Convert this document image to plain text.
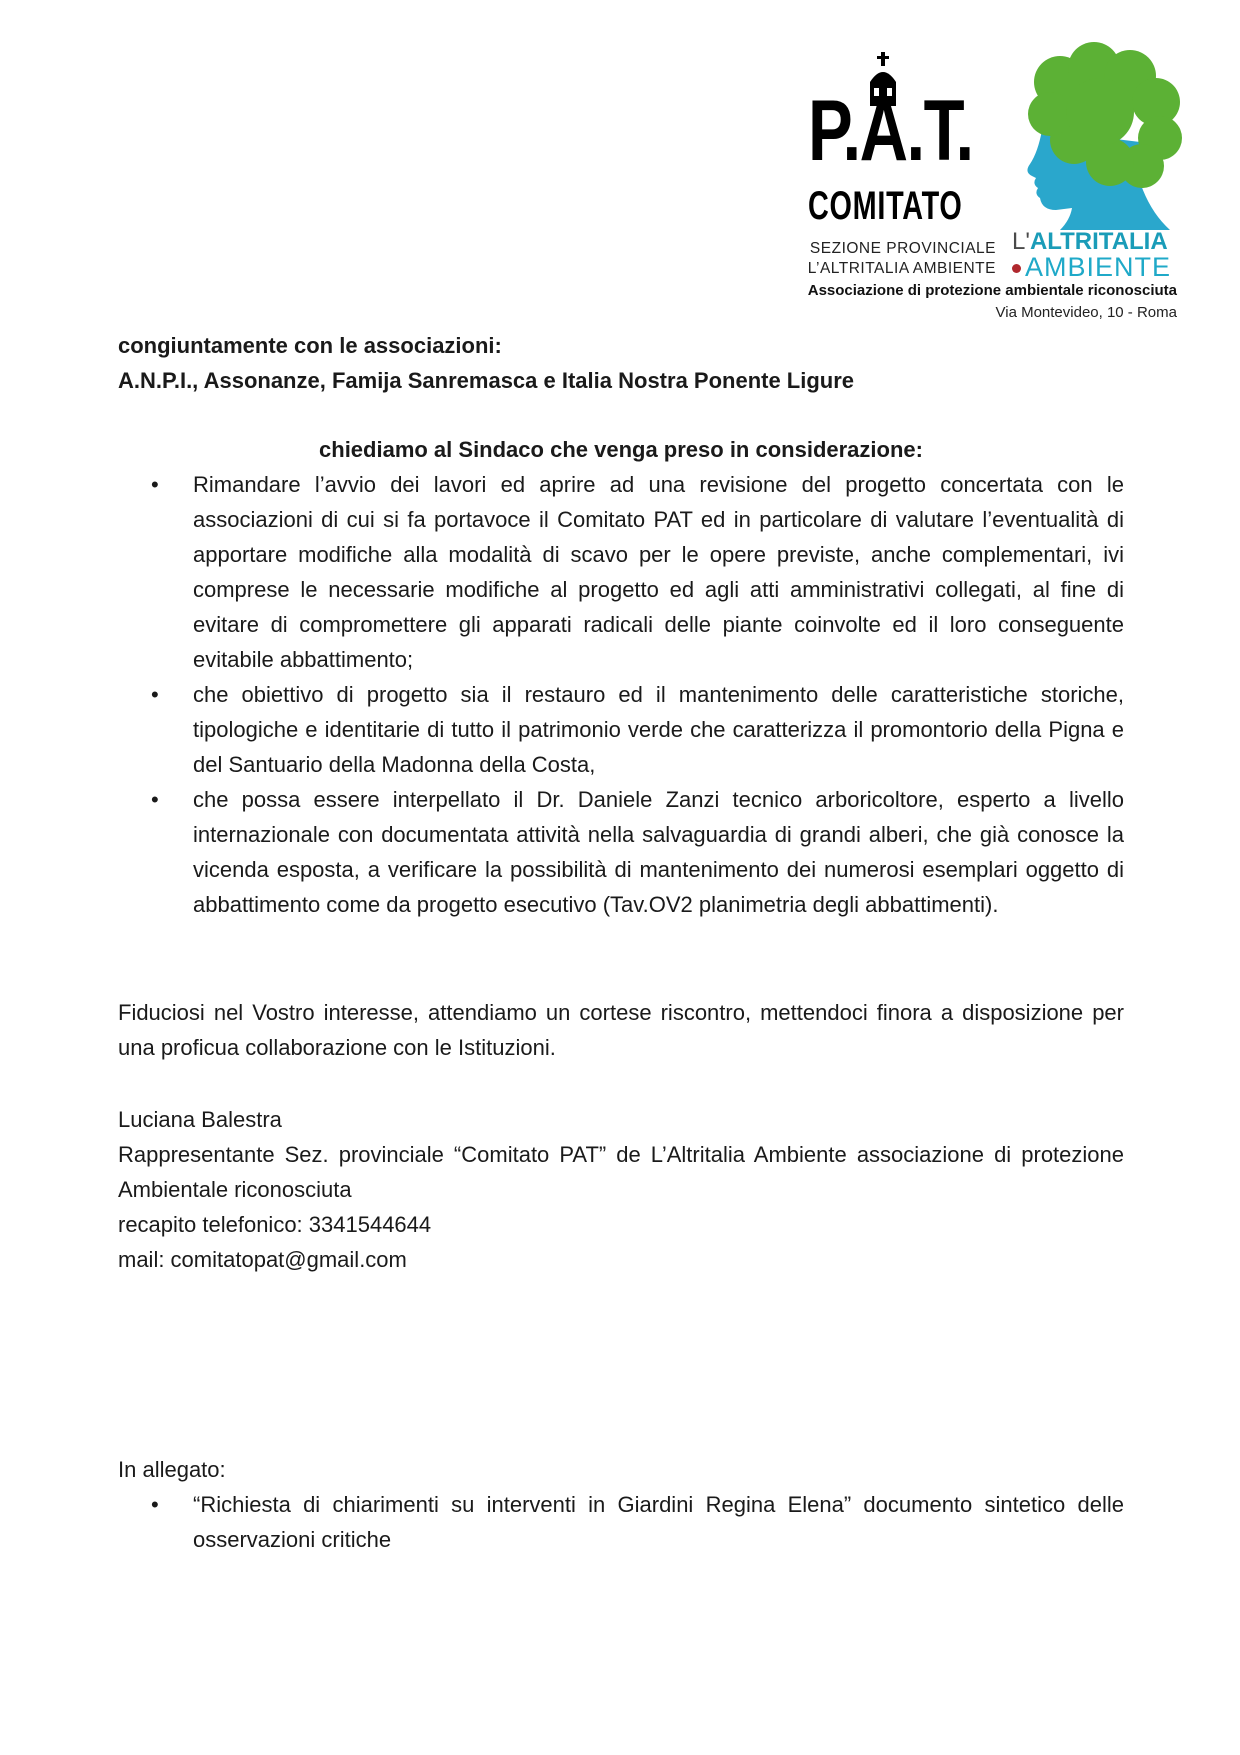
P.A.T.
COMITATO
L'ALTRITALIA
AMBIENTE
SEZIONE PROVINCIALE
L’ALTRITALIA AMBIENTE
Associazione di protezione ambientale riconosciuta
Via Montevideo, 10 - Roma
congiuntamente con le associazioni:
A.N.P.I., Assonanze, Famija Sanremasca e Italia Nostra Ponente Ligure
chiediamo al Sindaco che venga preso in considerazione:
• Rimandare l’avvio dei lavori ed aprire ad una revisione del progetto concertata con le associazioni di cui si fa portavoce il Comitato PAT ed in particolare di valutare l’eventualità di apportare modifiche alla modalità di scavo per le opere previste, anche complementari, ivi comprese le necessarie modifiche al progetto ed agli atti amministrativi collegati, al fine di evitare di compromettere gli apparati radicali delle piante coinvolte ed il loro conseguente evitabile abbattimento;
• che obiettivo di progetto sia il restauro ed il mantenimento delle caratteristiche storiche, tipologiche e identitarie di tutto il patrimonio verde che caratterizza il promontorio della Pigna e del Santuario della Madonna della Costa,
• che possa essere interpellato il Dr. Daniele Zanzi tecnico arboricoltore, esperto a livello internazionale con documentata attività nella salvaguardia di grandi alberi, che già conosce la vicenda esposta, a verificare la possibilità di mantenimento dei numerosi esemplari oggetto di abbattimento come da progetto esecutivo (Tav.OV2 planimetria degli abbattimenti).
Fiduciosi nel Vostro interesse, attendiamo un cortese riscontro, mettendoci finora a disposizione per una proficua collaborazione con le Istituzioni.
Luciana Balestra
Rappresentante Sez. provinciale “Comitato PAT” de L’Altritalia Ambiente associazione di protezione Ambientale riconosciuta
recapito telefonico: 3341544644
mail: comitatopat@gmail.com
In allegato:
• “Richiesta di chiarimenti su interventi in Giardini Regina Elena” documento sintetico delle osservazioni critiche
